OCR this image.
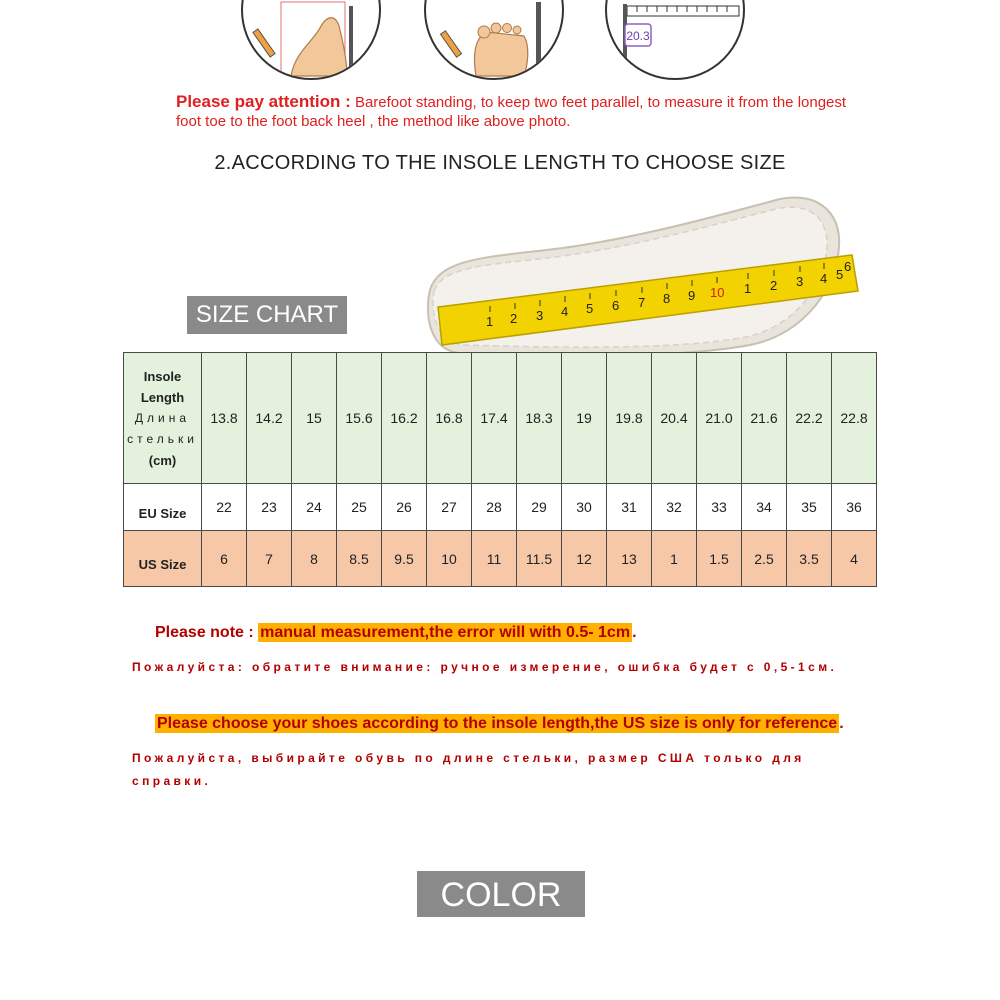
20.3
Please pay attention : Barefoot standing, to keep two feet parallel, to measure it from the longest foot toe to the foot back heel , the method like above photo.
2.ACCORDING TO THE INSOLE LENGTH TO CHOOSE SIZE
1 2 3 4 5 6 7 8 9 10 1 2 3 4 5
6
SIZE CHART
Insole Length
Длина стельки
(cm)	13.8	14.2	15	15.6	16.2	16.8	17.4	18.3	19	19.8	20.4	21.0	21.6	22.2	22.8
EU Size	22	23	24	25	26	27	28	29	30	31	32	33	34	35	36
US Size	6	7	8	8.5	9.5	10	11	11.5	12	13	1	1.5	2.5	3.5	4
Please note : manual measurement,the error will with 0.5- 1cm .
Пожалуйста: обратите внимание: ручное измерение, ошибка будет с 0,5-1см.
Please choose your shoes according to the insole length,the US size is only for reference .
Пожалуйста, выбирайте обувь по длине стельки, размер США только для справки.
COLOR
